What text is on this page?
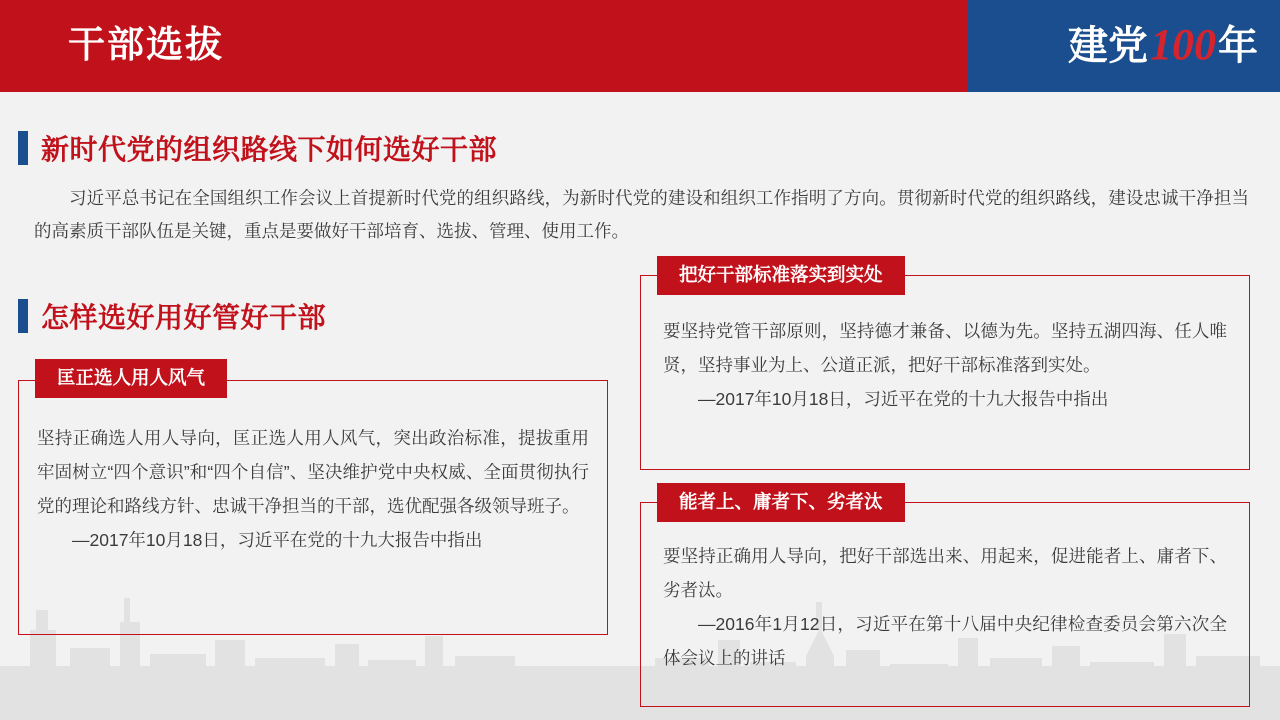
干部选拔	建党100年
新时代党的组织路线下如何选好干部
习近平总书记在全国组织工作会议上首提新时代党的组织路线，为新时代党的建设和组织工作指明了方向。贯彻新时代党的组织路线，建设忠诚干净担当的高素质干部队伍是关键，重点是要做好干部培育、选拔、管理、使用工作。
怎样选好用好管好干部
匡正选人用人风气
坚持正确选人用人导向，匡正选人用人风气，突出政治标准，提拔重用牢固树立“四个意识”和“四个自信”、坚决维护党中央权威、全面贯彻执行党的理论和路线方针、忠诚干净担当的干部，选优配强各级领导班子。
—2017年10月18日，习近平在党的十九大报告中指出
把好干部标准落实到实处
要坚持党管干部原则，坚持德才兼备、以德为先。坚持五湖四海、任人唯贤，坚持事业为上、公道正派，把好干部标准落到实处。
—2017年10月18日，习近平在党的十九大报告中指出
能者上、庸者下、劣者汰
要坚持正确用人导向，把好干部选出来、用起来，促进能者上、庸者下、劣者汰。
—2016年1月12日，习近平在第十八届中央纪律检查委员会第六次全体会议上的讲话
